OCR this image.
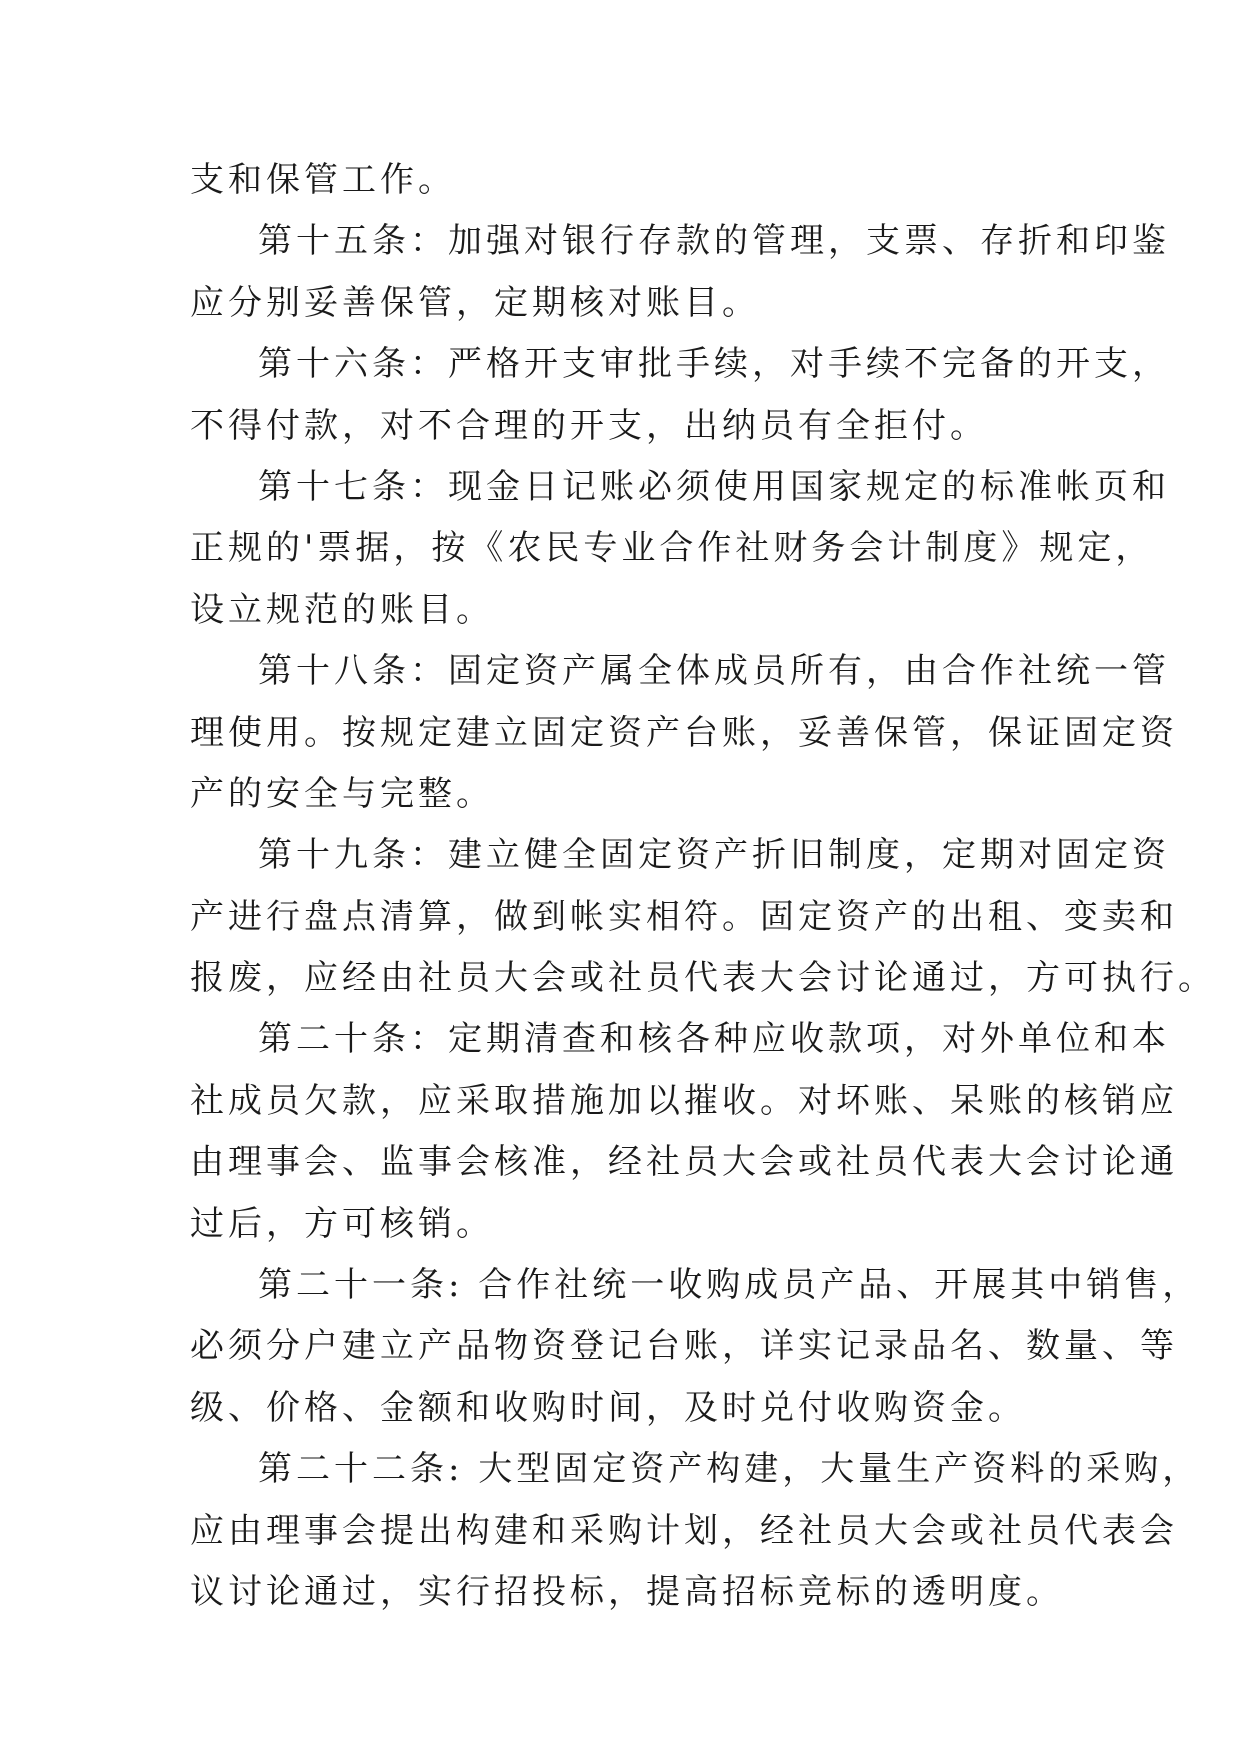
支和保管工作。
第十五条：加强对银行存款的管理，支票、存折和印鉴
应分别妥善保管，定期核对账目。
第十六条：严格开支审批手续，对手续不完备的开支，
不得付款，对不合理的开支，出纳员有全拒付。
第十七条：现金日记账必须使用国家规定的标准帐页和
正规的'票据，按《农民专业合作社财务会计制度》规定，
设立规范的账目。
第十八条：固定资产属全体成员所有，由合作社统一管
理使用。按规定建立固定资产台账，妥善保管，保证固定资
产的安全与完整。
第十九条：建立健全固定资产折旧制度，定期对固定资
产进行盘点清算，做到帐实相符。固定资产的出租、变卖和
报废，应经由社员大会或社员代表大会讨论通过，方可执行。
第二十条：定期清查和核各种应收款项，对外单位和本
社成员欠款，应采取措施加以摧收。对坏账、呆账的核销应
由理事会、监事会核准，经社员大会或社员代表大会讨论通
过后，方可核销。
第二十一条: 合作社统一收购成员产品、开展其中销售，
必须分户建立产品物资登记台账，详实记录品名、数量、等
级、价格、金额和收购时间，及时兑付收购资金。
第二十二条: 大型固定资产构建，大量生产资料的采购，
应由理事会提出构建和采购计划，经社员大会或社员代表会
议讨论通过，实行招投标，提高招标竞标的透明度。
